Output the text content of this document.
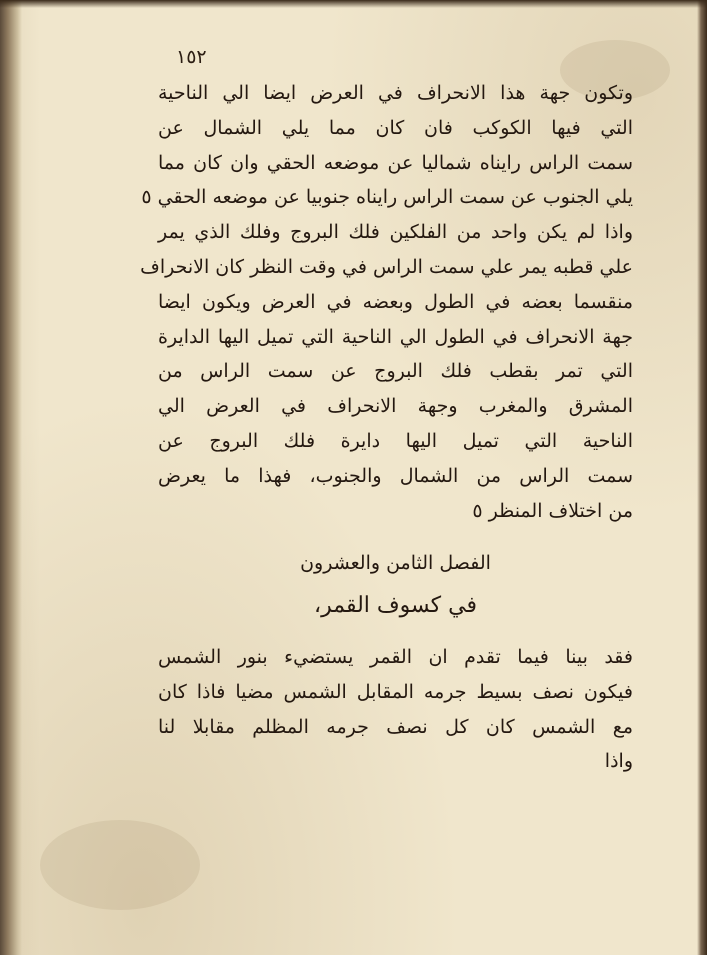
١٥٢
وتكون جهة هذا الانحراف في العرض ايضا الي الناحية
التي فيها الكوكب فان كان مما يلي الشمال عن
سمت الراس رايناه شماليا عن موضعه الحقي وان كان مما
يلي الجنوب عن سمت الراس رايناه جنوبيا عن موضعه الحقي ٥
واذا لم يكن واحد من الفلكين فلك البروج وفلك الذي يمر
علي قطبه يمر علي سمت الراس في وقت النظر كان الانحراف
منقسما بعضه في الطول وبعضه في العرض ويكون ايضا
جهة الانحراف في الطول الي الناحية التي تميل اليها الدايرة
التي تمر بقطب فلك البروج عن سمت الراس من
المشرق والمغرب وجهة الانحراف في العرض الي
الناحية التي تميل اليها دايرة فلك البروج عن
سمت الراس من الشمال والجنوب، فهذا ما يعرض
من اختلاف المنظر ٥
الفصل الثامن والعشرون
في كسوف القمر،
فقد بينا فيما تقدم ان القمر يستضيء بنور الشمس
فيكون نصف بسيط جرمه المقابل الشمس مضيا فاذا كان
مع الشمس كان كل نصف جرمه المظلم مقابلا لنا
واذا
